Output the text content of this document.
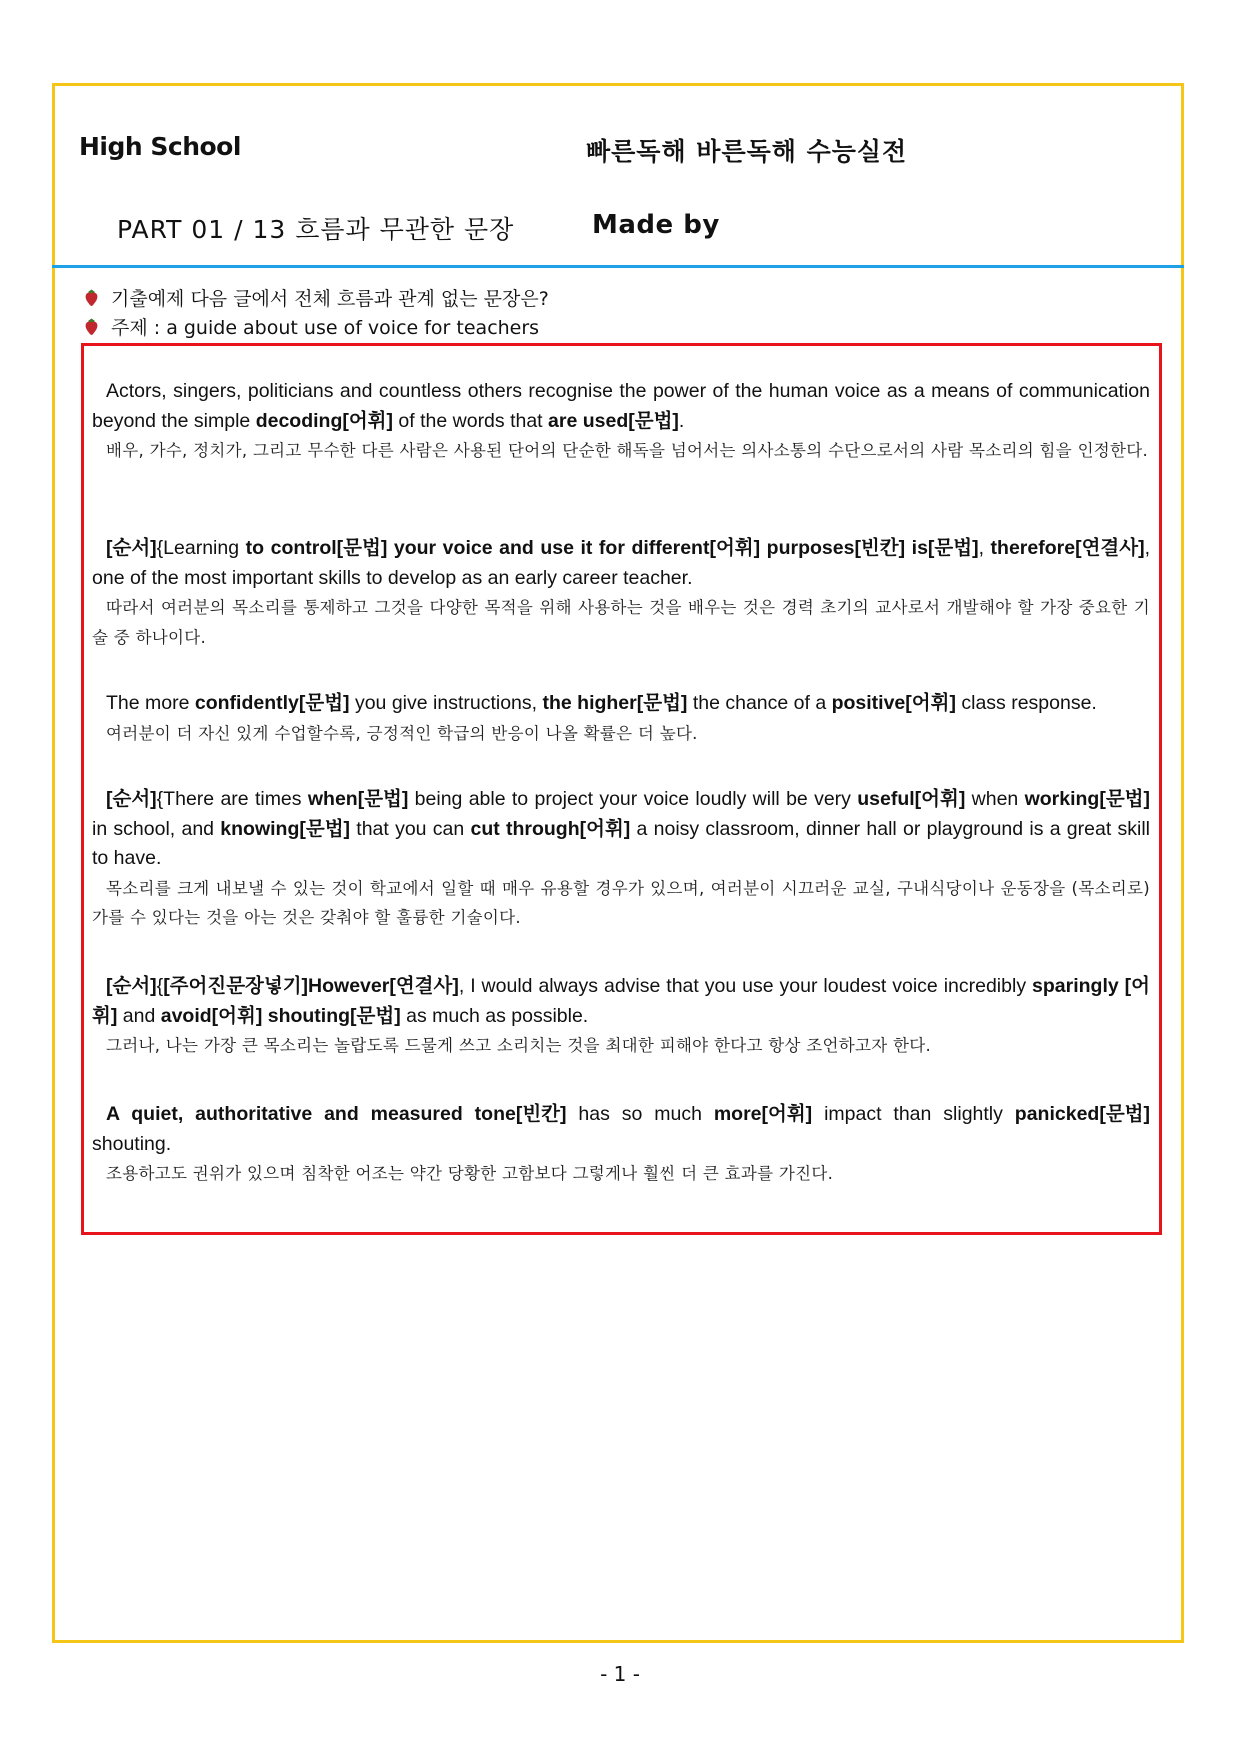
High School	빠른독해 바른독해 수능실전
PART 01 / 13 흐름과 무관한 문장	Made by
기출예제 다음 글에서 전체 흐름과 관계 없는 문장은?
주제 : a guide about use of voice for teachers

Actors, singers, politicians and countless others recognise the power of the human voice as a means of communication beyond the simple decoding[어휘] of the words that are used[문법].

배우, 가수, 정치가, 그리고 무수한 다른 사람은 사용된 단어의 단순한 해독을 넘어서는 의사소통의 수단으로서의 사람 목소리의 힘을 인정한다.

[순서]{Learning to control[문법] your voice and use it for different[어휘] purposes[빈칸] is[문법], therefore[연결사], one of the most important skills to develop as an early career teacher.

따라서 여러분의 목소리를 통제하고 그것을 다양한 목적을 위해 사용하는 것을 배우는 것은 경력 초기의 교사로서 개발해야 할 가장 중요한 기술 중 하나이다.

The more confidently[문법] you give instructions, the higher[문법] the chance of a positive[어휘] class response.

여러분이 더 자신 있게 수업할수록, 긍정적인 학급의 반응이 나올 확률은 더 높다.

[순서]{There are times when[문법] being able to project your voice loudly will be very useful[어휘] when working[문법] in school, and knowing[문법] that you can cut through[어휘] a noisy classroom, dinner hall or playground is a great skill to have.

목소리를 크게 내보낼 수 있는 것이 학교에서 일할 때 매우 유용할 경우가 있으며, 여러분이 시끄러운 교실, 구내식당이나 운동장을 (목소리로) 가를 수 있다는 것을 아는 것은 갖춰야 할 훌륭한 기술이다.

[순서]{[주어진문장넣기]However[연결사], I would always advise that you use your loudest voice incredibly sparingly [어휘] and avoid[어휘] shouting[문법] as much as possible.

그러나, 나는 가장 큰 목소리는 놀랍도록 드물게 쓰고 소리치는 것을 최대한 피해야 한다고 항상 조언하고자 한다.

A quiet, authoritative and measured tone[빈칸] has so much more[어휘] impact than slightly panicked[문법] shouting.

조용하고도 권위가 있으며 침착한 어조는 약간 당황한 고함보다 그렇게나 훨씬 더 큰 효과를 가진다.

- 1 -
